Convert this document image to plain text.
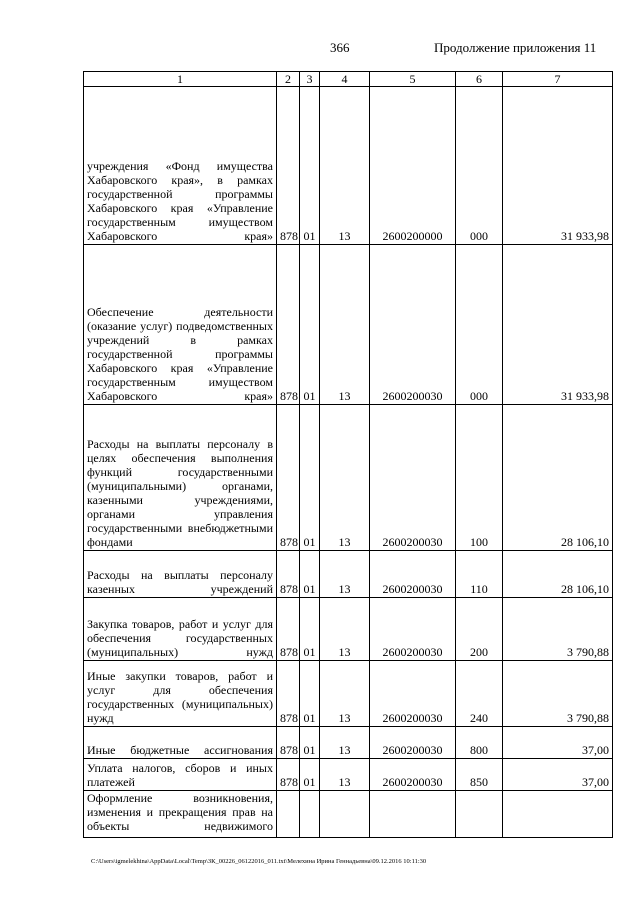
366	Продолжение приложения 11
1	2	3	4	5	6	7
учреждения «Фонд имущества Хабаровского края», в рамках государственной программы Хабаровского края «Управление государственным имуществом Хабаровского края»	878	01	13	2600200000	000	31 933,98
Обеспечение деятельности (оказание услуг) подведомственных учреждений в рамках государственной программы Хабаровского края «Управление государственным имуществом Хабаровского края»	878	01	13	2600200030	000	31 933,98
Расходы на выплаты персоналу в целях обеспечения выполнения функций государственными (муниципальными) органами, казенными учреждениями, органами управления государственными внебюджетными фондами	878	01	13	2600200030	100	28 106,10
Расходы на выплаты персоналу казенных учреждений	878	01	13	2600200030	110	28 106,10
Закупка товаров, работ и услуг для обеспечения государственных (муниципальных) нужд	878	01	13	2600200030	200	3 790,88
Иные закупки товаров, работ и услуг для обеспечения государственных (муниципальных) нужд	878	01	13	2600200030	240	3 790,88
Иные бюджетные ассигнования	878	01	13	2600200030	800	37,00
Уплата налогов, сборов и иных платежей	878	01	13	2600200030	850	37,00
Оформление возникновения, изменения и прекращения прав на объекты недвижимого						
C:\Users\igmelekhina\AppData\Local\Temp\ЗК_00226_06122016_011.txt\Мелехина Ирина Геннадьевна\09.12.2016 10:11:30
